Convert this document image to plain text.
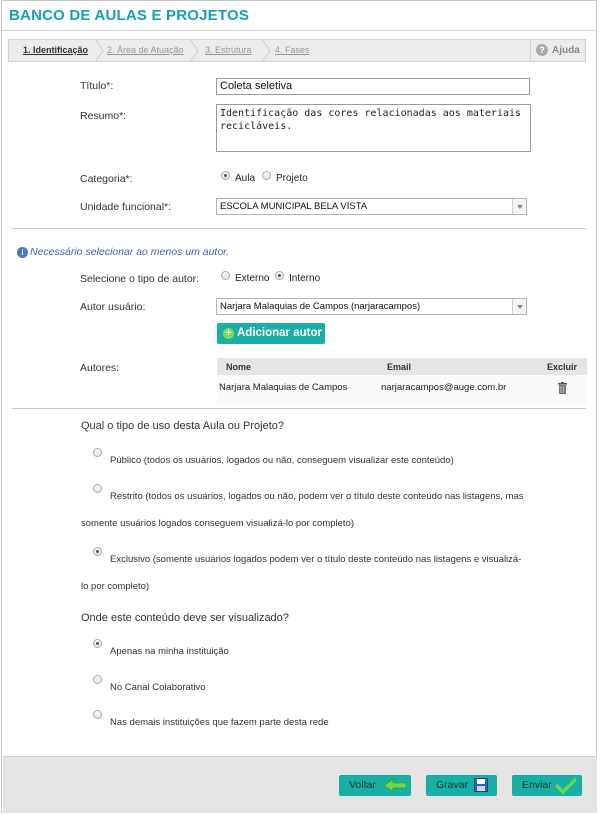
BANCO DE AULAS E PROJETOS
1. Identificação 2. Área de Atuação 3. Estrutura	4. Fases	? Ajuda
Título*:	Coleta seletiva
Resumo*:	Identificação das cores relacionadas aos materiais
recicláveis.
Categoria*:	Aula Projeto
Unidade funcional*:	ESCOLA MUNICIPAL BELA VISTA
i Necessário selecionar ao menos um autor.
Selecione o tipo de autor:	Externo Interno
Autor usuário:	Narjara Malaquias de Campos (narjaracampos)
+ Adicionar autor
Autores:	Nome	Email	Excluir
Narjara Malaquias de Campos	narjaracampos@auge.com.br
Qual o tipo de uso desta Aula ou Projeto?
Público (todos os usuários, logados ou não, conseguem visualizar este conteúdo)
Restrito (todos os usuários, logados ou não, podem ver o título deste conteúdo nas listagens, mas
somente usuários logados conseguem visualizá-lo por completo)
Exclusivo (somente usuários logados podem ver o título deste conteúdo nas listagens e visualizá-
lo por completo)
Onde este conteúdo deve ser visualizado?
Apenas na minha instituição
No Canal Colaborativo
Nas demais instituições que fazem parte desta rede
Voltar	Gravar	Enviar
